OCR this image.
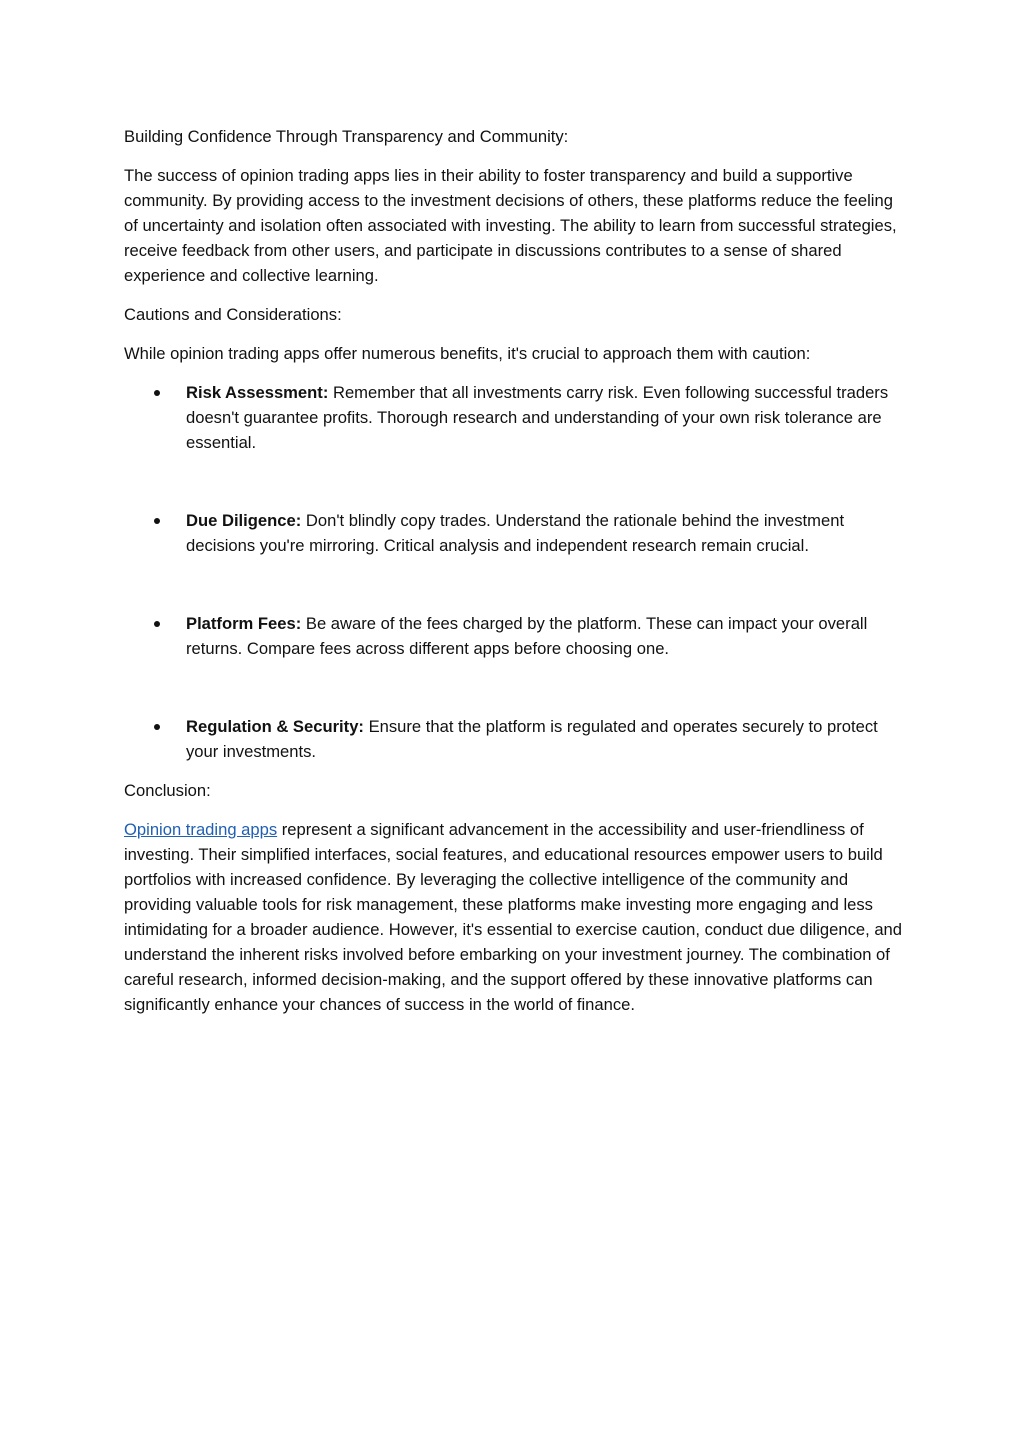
Building Confidence Through Transparency and Community:

The success of opinion trading apps lies in their ability to foster transparency and build a supportive community. By providing access to the investment decisions of others, these platforms reduce the feeling of uncertainty and isolation often associated with investing. The ability to learn from successful strategies, receive feedback from other users, and participate in discussions contributes to a sense of shared experience and collective learning.

Cautions and Considerations:

While opinion trading apps offer numerous benefits, it's crucial to approach them with caution:

Risk Assessment: Remember that all investments carry risk. Even following successful traders doesn't guarantee profits. Thorough research and understanding of your own risk tolerance are essential.
Due Diligence: Don't blindly copy trades. Understand the rationale behind the investment decisions you're mirroring. Critical analysis and independent research remain crucial.
Platform Fees: Be aware of the fees charged by the platform. These can impact your overall returns. Compare fees across different apps before choosing one.
Regulation & Security: Ensure that the platform is regulated and operates securely to protect your investments.

Conclusion:

Opinion trading apps represent a significant advancement in the accessibility and user-friendliness of investing. Their simplified interfaces, social features, and educational resources empower users to build portfolios with increased confidence. By leveraging the collective intelligence of the community and providing valuable tools for risk management, these platforms make investing more engaging and less intimidating for a broader audience. However, it's essential to exercise caution, conduct due diligence, and understand the inherent risks involved before embarking on your investment journey. The combination of careful research, informed decision-making, and the support offered by these innovative platforms can significantly enhance your chances of success in the world of finance.
